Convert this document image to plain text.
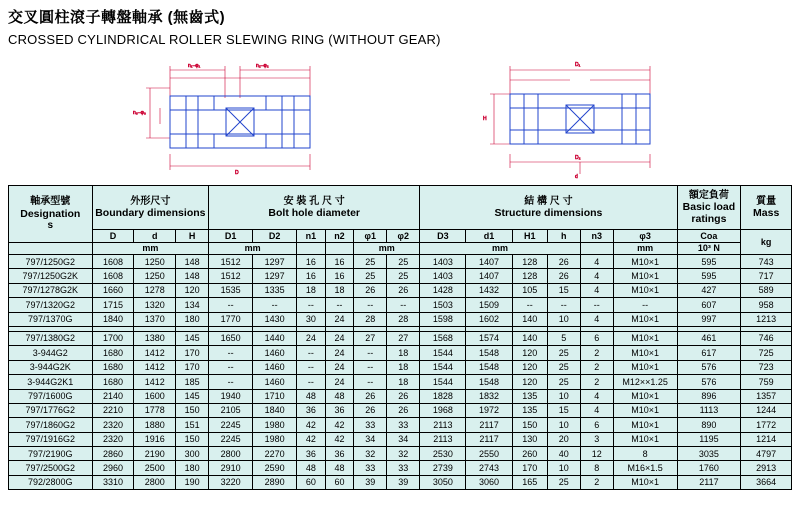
交叉圓柱滾子轉盤軸承 (無齒式)
CROSSED CYLINDRICAL ROLLER SLEWING RING (WITHOUT GEAR)
n₁–φ₁	n₂–φ₂
n₃–φ₃
D
D₁
H
D₂
d
軸承型號
Designation
s	外形尺寸
Boundary dimensions			安 裝 孔 尺 寸
Bolt hole diameter						結 構 尺 寸
Structure dimensions						額定負荷
Basic load ratings	質量
Mass

	D	d	H	D1	D2	n1	n2	φ1	φ2	D3	d1	H1	h	n3	φ3	Coa	kg
	mm			mm				mm		mm					mm	10³ N	
797/1250G2	1608	1250	148	1512	1297	16	16	25	25	1403	1407	128	26	4	M10×1	595	743
797/1250G2K	1608	1250	148	1512	1297	16	16	25	25	1403	1407	128	26	4	M10×1	595	717
797/1278G2K	1660	1278	120	1535	1335	18	18	26	26	1428	1432	105	15	4	M10×1	427	589
797/1320G2	1715	1320	134	--	--	--	--	--	--	1503	1509	--	--	--	--	607	958
797/1370G	1840	1370	180	1770	1430	30	24	28	28	1598	1602	140	10	4	M10×1	997	1213

797/1380G2	1700	1380	145	1650	1440	24	24	27	27	1568	1574	140	5	6	M10×1	461	746
3-944G2	1680	1412	170	--	1460	--	24	--	18	1544	1548	120	25	2	M10×1	617	725
3-944G2K	1680	1412	170	--	1460	--	24	--	18	1544	1548	120	25	2	M10×1	576	723
3-944G2K1	1680	1412	185	--	1460	--	24	--	18	1544	1548	120	25	2	M12××1.25	576	759
797/1600G	2140	1600	145	1940	1710	48	48	26	26	1828	1832	135	10	4	M10×1	896	1357
797/1776G2	2210	1778	150	2105	1840	36	36	26	26	1968	1972	135	15	4	M10×1	1113	1244
797/1860G2	2320	1880	151	2245	1980	42	42	33	33	2113	2117	150	10	6	M10×1	890	1772
797/1916G2	2320	1916	150	2245	1980	42	42	34	34	2113	2117	130	20	3	M10×1	1195	1214
797/2190G	2860	2190	300	2800	2270	36	36	32	32	2530	2550	260	40	12	8	3035	4797
797/2500G2	2960	2500	180	2910	2590	48	48	33	33	2739	2743	170	10	8	M16×1.5	1760	2913
792/2800G	3310	2800	190	3220	2890	60	60	39	39	3050	3060	165	25	2	M10×1	2117	3664
